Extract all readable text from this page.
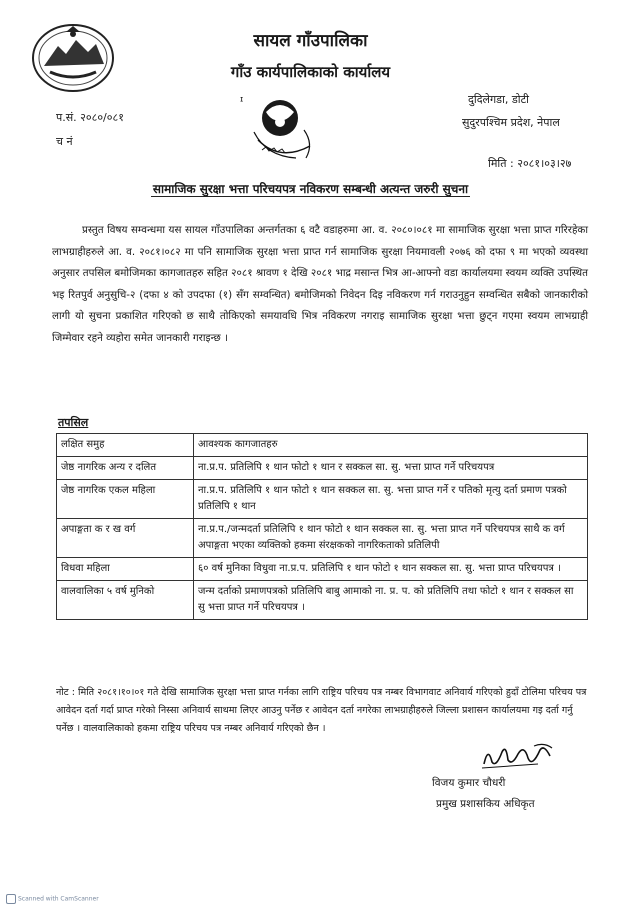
सायल गाँउपालिका
गाँउ कार्यपालिकाको कार्यालय
प.सं. २०८०/०८१
च नं
ᶦ	दुदिलेगडा, डोटी
सुदुरपश्चिम प्रदेश, नेपाल
मिति : २०८१।०३।२७
सामाजिक सुरक्षा भत्ता परिचयपत्र नविकरण सम्बन्धी अत्यन्त जरुरी सुचना
प्रस्तुत विषय सम्वन्धमा यस सायल गाँउपालिका अन्तर्गतका ६ वटै वडाहरुमा आ. व. २०८०।०८१ मा सामाजिक सुरक्षा भत्ता प्राप्त गरिरहेका लाभग्राहीहरुले आ. व. २०८१।०८२ मा पनि सामाजिक सुरक्षा भत्ता प्राप्त गर्न सामाजिक सुरक्षा नियमावली २०७६ को दफा ९ मा भएको व्यवस्था अनुसार तपसिल बमोजिमका कागजातहरु सहित २०८१ श्रावण १ देखि २०८१ भाद्र मसान्त भित्र आ-आफ्नो वडा कार्यालयमा स्वयम व्यक्ति उपस्थित भइ रितपुर्व अनुसुचि-२ (दफा ४ को उपदफा (१) सँग सम्वन्धित) बमोजिमको निवेदन दिइ नविकरण गर्न गराउनुहुन सम्वन्धित सबैको जानकारीको लागी यो सुचना प्रकाशित गरिएको छ साथै तोकिएको समयावधि भित्र नविकरण नगराइ सामाजिक सुरक्षा भत्ता छुट्न गएमा स्वयम लाभग्राही जिम्मेवार रहने व्यहोरा समेत जानकारी गराइन्छ ।
तपसिल
लक्षित समुह	आवश्यक कागजातहरु
जेष्ठ नागरिक अन्य र दलित	ना.प्र.प. प्रतिलिपि १ थान फोटो १ थान र सक्कल सा. सु. भत्ता प्राप्त गर्ने परिचयपत्र
जेष्ठ नागरिक एकल महिला	ना.प्र.प. प्रतिलिपि १ थान फोटो १ थान सक्कल सा. सु. भत्ता प्राप्त गर्ने र पतिको मृत्यु दर्ता प्रमाण पत्रको प्रतिलिपि १ थान
अपाङ्गता क र ख वर्ग	ना.प्र.प./जन्मदर्ता प्रतिलिपि १ थान फोटो १ थान सक्कल सा. सु. भत्ता प्राप्त गर्ने परिचयपत्र साथै क वर्ग अपाङ्गता भएका व्यक्तिको हकमा संरक्षकको नागरिकताको प्रतिलिपी
विधवा महिला	६० वर्ष मुनिका विधुवा ना.प्र.प. प्रतिलिपि १ थान फोटो १ थान सक्कल सा. सु. भत्ता प्राप्त परिचयपत्र ।
वालवालिका ५ वर्ष मुनिको	जन्म दर्ताको प्रमाणपत्रको प्रतिलिपि बाबु आमाको ना. प्र. प. को प्रतिलिपि तथा फोटो १ थान र सक्कल सा सु भत्ता प्राप्त गर्ने परिचयपत्र ।
नोट : मिति २०८१।१०।०१ गते देखि सामाजिक सुरक्षा भत्ता प्राप्त गर्नका लागि राष्ट्रिय परिचय पत्र नम्बर विभागवाट अनिवार्य गरिएको हुदाँ टोलिमा परिचय पत्र आवेदन दर्ता गर्दा प्राप्त गरेको निस्सा अनिवार्य साथमा लिएर आउनु पर्नेछ र आवेदन दर्ता नगरेका लाभग्राहीहरुले जिल्ला प्रशासन कार्यालयमा गइ दर्ता गर्नु पर्नेछ । वालवालिकाको हकमा राष्ट्रिय परिचय पत्र नम्बर अनिवार्य गरिएको छैन ।
विजय कुमार चौधरी
प्रमुख प्रशासकिय अधिकृत
Scanned with CamScanner
